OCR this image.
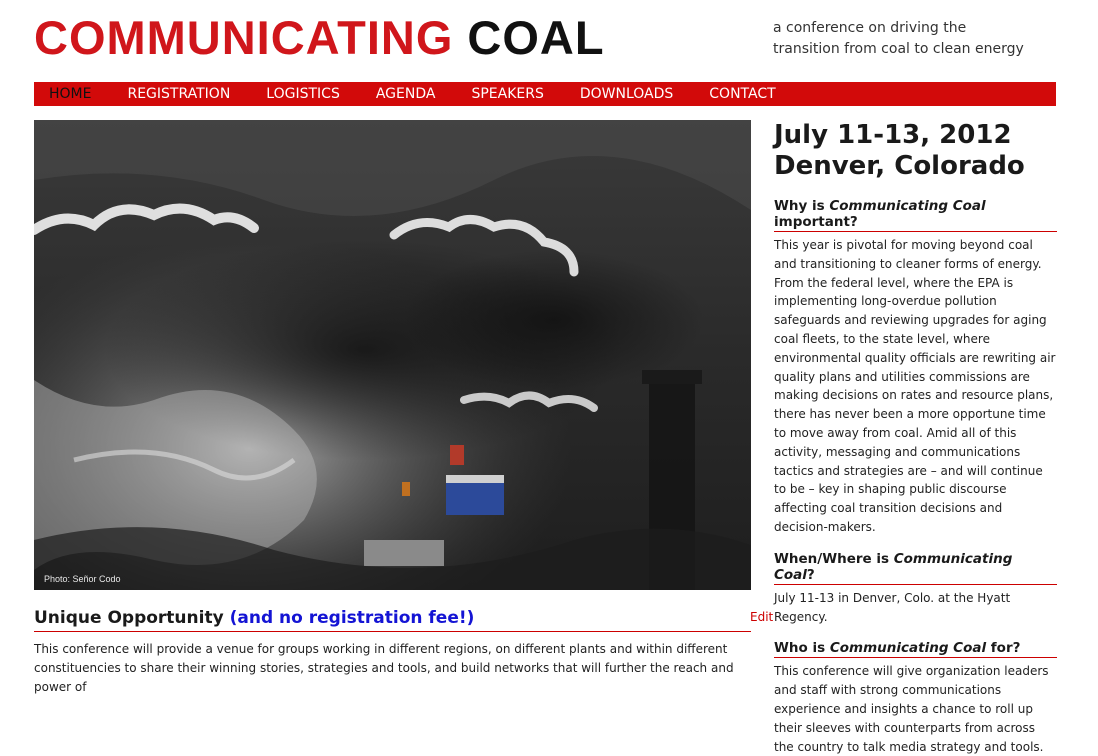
COMMUNICATING COAL	a conference on driving the
transition from coal to clean energy
HOME	REGISTRATION	LOGISTICS	AGENDA	SPEAKERS	DOWNLOADS	CONTACT
Photo: Señor Codo
Unique Opportunity (and no registration fee!)	Edit
This conference will provide a venue for groups working in different regions, on different plants and within different constituencies to share their winning stories, strategies and tools, and build networks that will further the reach and power of
July 11-13, 2012
Denver, Colorado
Why is Communicating Coal important?
This year is pivotal for moving beyond coal and transitioning to cleaner forms of energy. From the federal level, where the EPA is implementing long-overdue pollution safeguards and reviewing upgrades for aging coal fleets, to the state level, where environmental quality officials are rewriting air quality plans and utilities commissions are making decisions on rates and resource plans, there has never been a more opportune time to move away from coal. Amid all of this activity, messaging and communications tactics and strategies are – and will continue to be – key in shaping public discourse affecting coal transition decisions and decision-makers.
When/Where is Communicating Coal?
July 11-13 in Denver, Colo. at the Hyatt Regency.
Who is Communicating Coal for?
This conference will give organization leaders and staff with strong communications experience and insights a chance to roll up their sleeves with counterparts from across the country to talk media strategy and tools.
